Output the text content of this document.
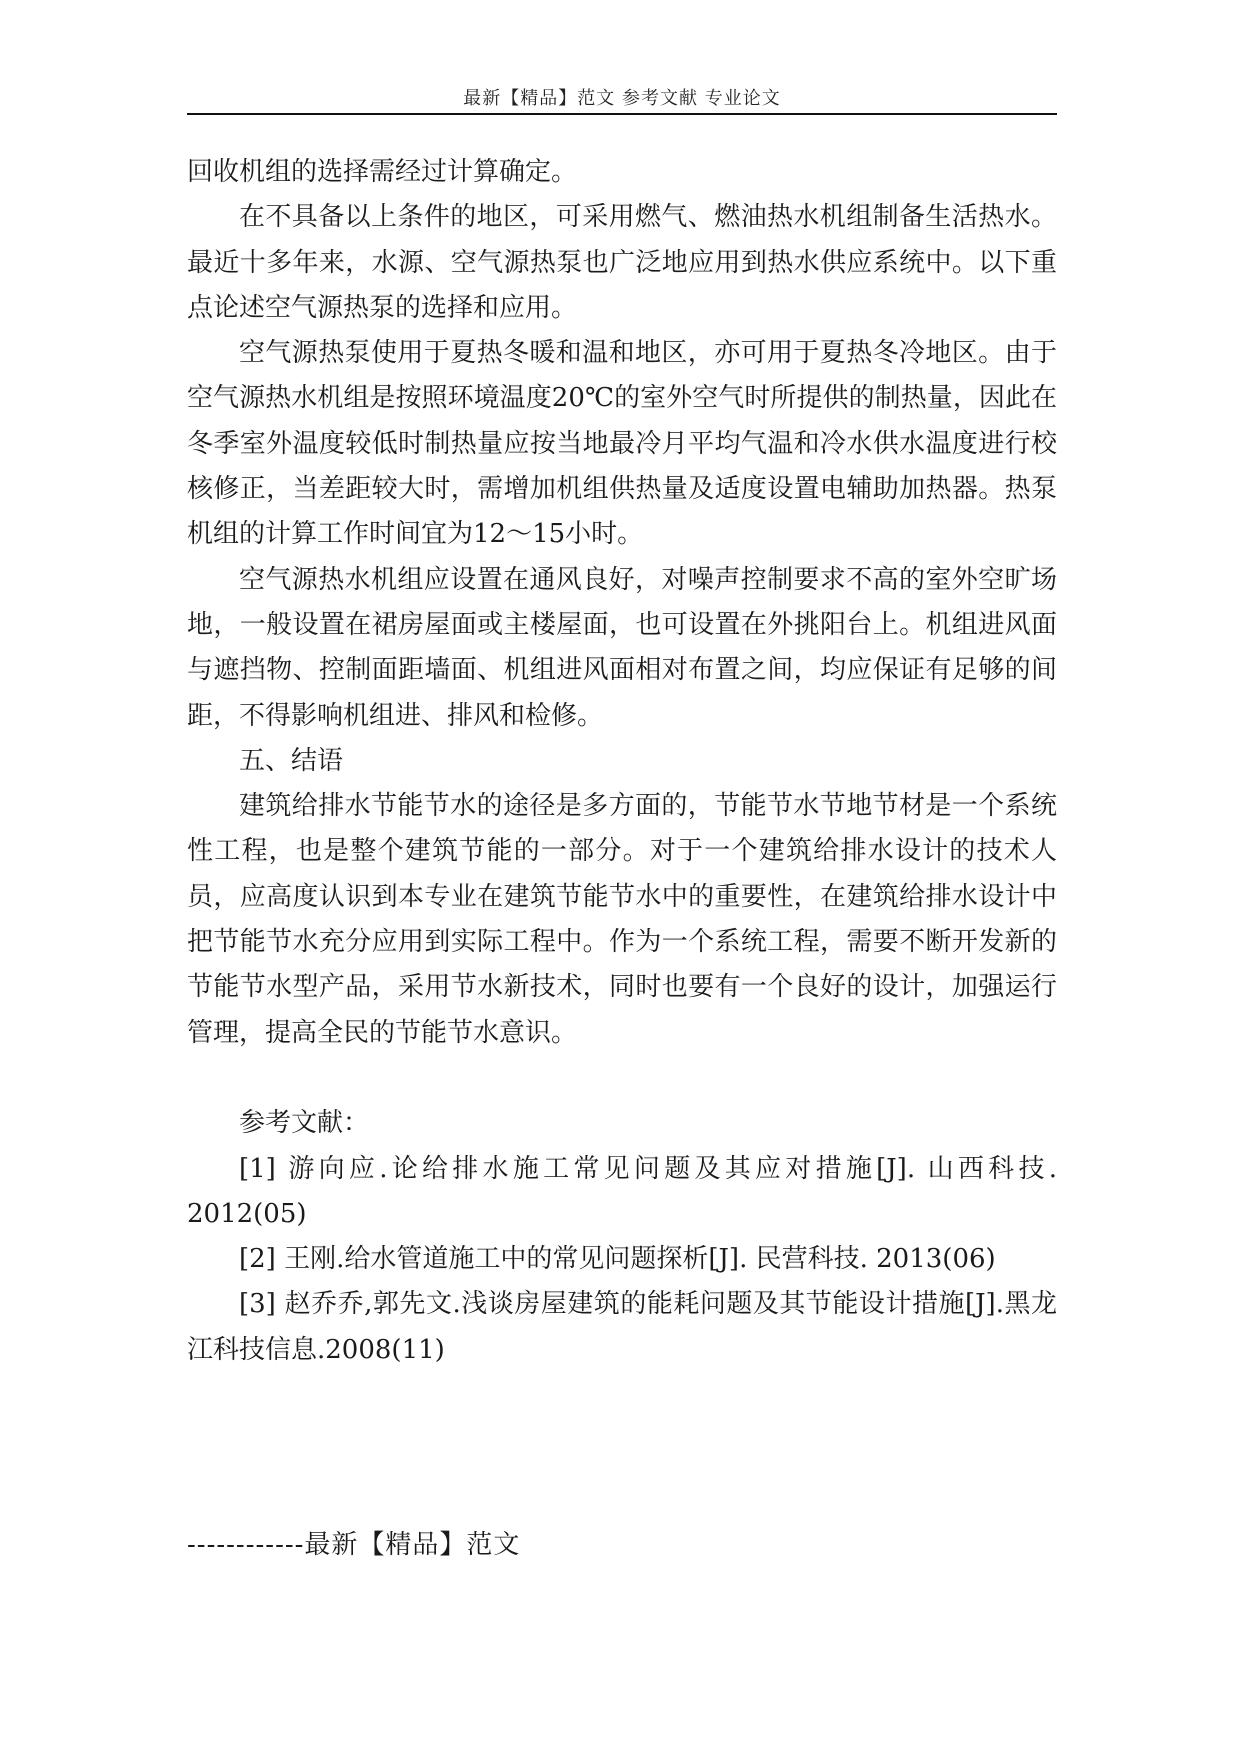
最新【精品】范文 参考文献 专业论文

回收机组的选择需经过计算确定。

在不具备以上条件的地区，可采用燃气、燃油热水机组制备生活热水。最近十多年来，水源、空气源热泵也广泛地应用到热水供应系统中。以下重点论述空气源热泵的选择和应用。

空气源热泵使用于夏热冬暖和温和地区，亦可用于夏热冬冷地区。由于空气源热水机组是按照环境温度20℃的室外空气时所提供的制热量，因此在冬季室外温度较低时制热量应按当地最冷月平均气温和冷水供水温度进行校核修正，当差距较大时，需增加机组供热量及适度设置电辅助加热器。热泵机组的计算工作时间宜为12～15小时。

空气源热水机组应设置在通风良好，对噪声控制要求不高的室外空旷场地，一般设置在裙房屋面或主楼屋面，也可设置在外挑阳台上。机组进风面与遮挡物、控制面距墙面、机组进风面相对布置之间，均应保证有足够的间距，不得影响机组进、排风和检修。

五、结语

建筑给排水节能节水的途径是多方面的，节能节水节地节材是一个系统性工程，也是整个建筑节能的一部分。对于一个建筑给排水设计的技术人员，应高度认识到本专业在建筑节能节水中的重要性，在建筑给排水设计中把节能节水充分应用到实际工程中。作为一个系统工程，需要不断开发新的节能节水型产品，采用节水新技术，同时也要有一个良好的设计，加强运行管理，提高全民的节能节水意识。

参考文献：

[1] 游向应.论给排水施工常见问题及其应对措施[J]. 山西科技. 2012(05)

[2] 王刚.给水管道施工中的常见问题探析[J]. 民营科技. 2013(06)

[3] 赵乔乔,郭先文.浅谈房屋建筑的能耗问题及其节能设计措施[J].黑龙江科技信息.2008(11)

------------最新【精品】范文
